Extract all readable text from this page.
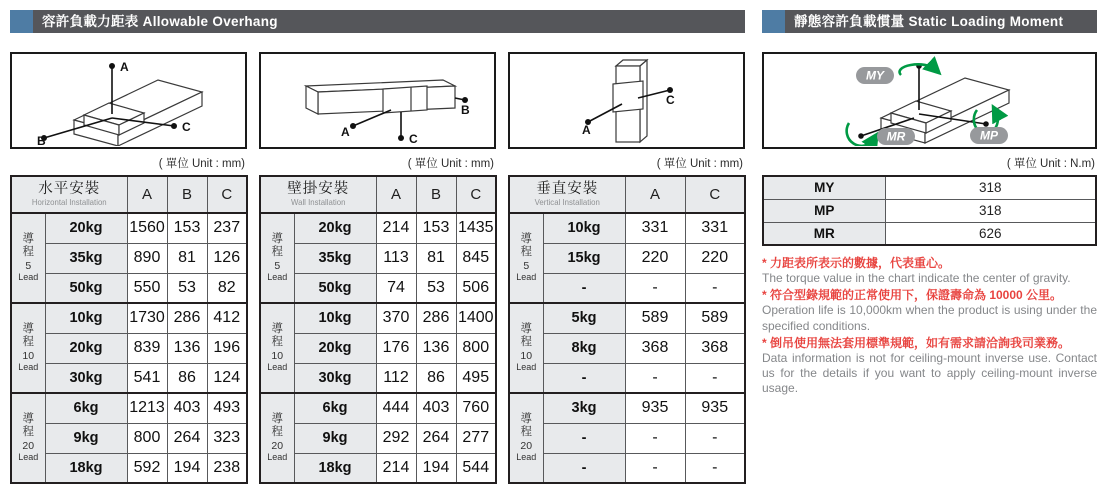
容許負載力距表 Allowable Overhang
A
B
C	A
B
C
A
C
( 單位 Unit : mm)
水平安裝
Horizontal Installation		A	B	C

導程
5
Lead	20kg	1560	153	237
	35kg	890	81	126
	50kg	550	53	82

導程
10
Lead	10kg	1730	286	412
	20kg	839	136	196
	30kg	541	86	124

導程
20
Lead	6kg	1213	403	493
	9kg	800	264	323
	18kg	592	194	238
( 單位 Unit : mm)
壁掛安裝
Wall Installation		A	B	C

導程
5
Lead	20kg	214	153	1435
	35kg	113	81	845
	50kg	74	53	506

導程
10
Lead	10kg	370	286	1400
	20kg	176	136	800
	30kg	112	86	495

導程
20
Lead	6kg	444	403	760
	9kg	292	264	277
	18kg	214	194	544
( 單位 Unit : mm)
垂直安裝
Vertical Installation		A	C

導程
5
Lead	10kg	331	331
	15kg	220	220
	-	-	-

導程
10
Lead	5kg	589	589
	8kg	368	368
	-	-	-

導程
20
Lead	3kg	935	935
	-	-	-
	-	-	-
靜態容許負載慣量 Static Loading Moment
MY
MP
MR
( 單位 Unit : N.m)
MY	318
MP	318
MR	626
* 力距表所表示的數據，代表重心。
The torque value in the chart indicate the center of gravity.
* 符合型錄規範的正常使用下，保證壽命為 10000 公里。
Operation life is 10,000km when the product is using under the specified conditions.
* 倒吊使用無法套用標準規範，如有需求請洽詢我司業務。
Data information is not for ceiling-mount inverse use. Contact us for the details if you want to apply ceiling-mount inverse usage.
